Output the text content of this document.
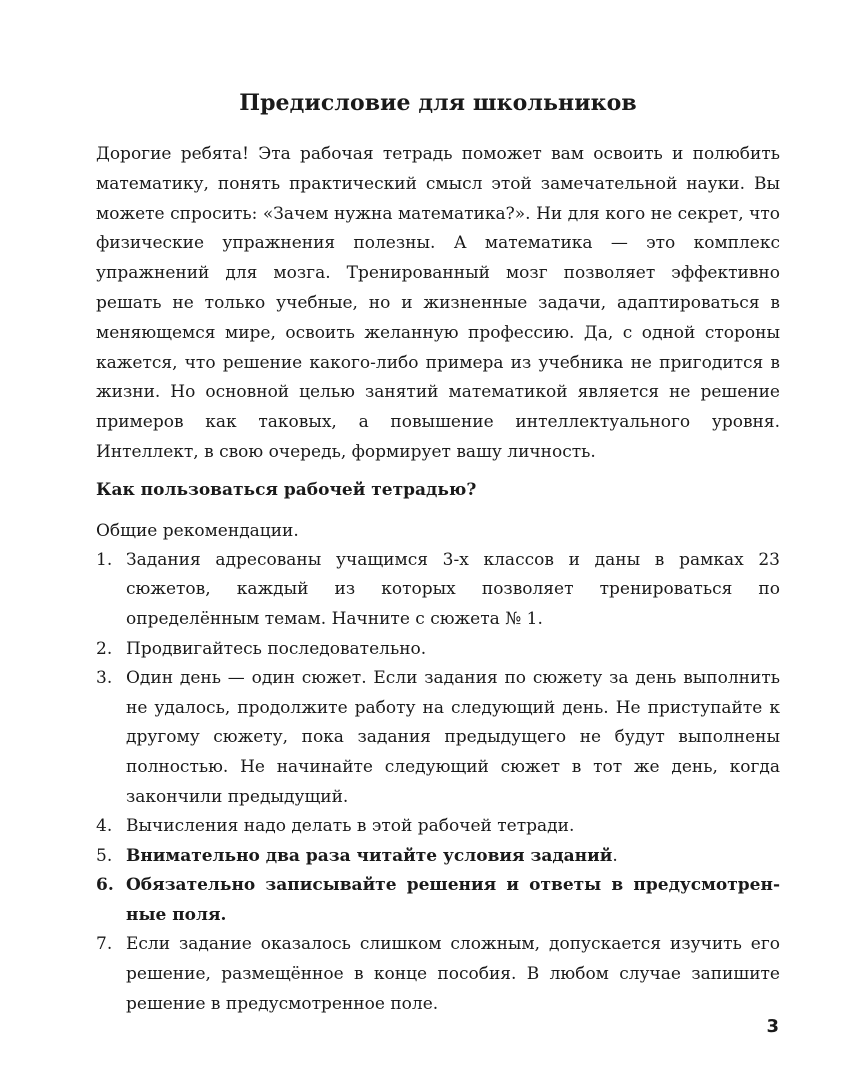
Предисловие для школьников

Дорогие ребята! Эта рабочая тетрадь поможет вам освоить и полюбить математику, понять практический смысл этой замечательной науки. Вы можете спросить: «Зачем нужна математика?». Ни для кого не секрет, что физические упражнения полезны. А математика — это комплекс упражнений для мозга. Тренированный мозг позволяет эффективно решать не только учебные, но и жизненные задачи, адаптироваться в меняющемся мире, освоить желанную профессию. Да, с одной стороны кажется, что решение какого-либо примера из учебника не пригодится в жизни. Но основной целью занятий математикой является не решение примеров как таковых, а повышение интеллектуального уровня. Интеллект, в свою очередь, формирует вашу личность.

Как пользоваться рабочей тетрадью?
Общие рекомендации.
1. Задания адресованы учащимся 3-х классов и даны в рамках 23 сюжетов, каждый из которых позволяет тренироваться по определённым темам. Начните с сюжета № 1.
2. Продвигайтесь последовательно.
3. Один день — один сюжет. Если задания по сюжету за день выполнить не удалось, продолжите работу на следующий день. Не приступайте к другому сюжету, пока задания предыдущего не будут выполнены полностью. Не начинайте следующий сюжет в тот же день, когда закончили предыдущий.
4. Вычисления надо делать в этой рабочей тетради.
5. Внимательно два раза читайте условия заданий.
6. Обязательно записывайте решения и ответы в предусмотренные поля.
7. Если задание оказалось слишком сложным, допускается изучить его решение, размещённое в конце пособия. В любом случае запишите решение в предусмотренное поле.
3
